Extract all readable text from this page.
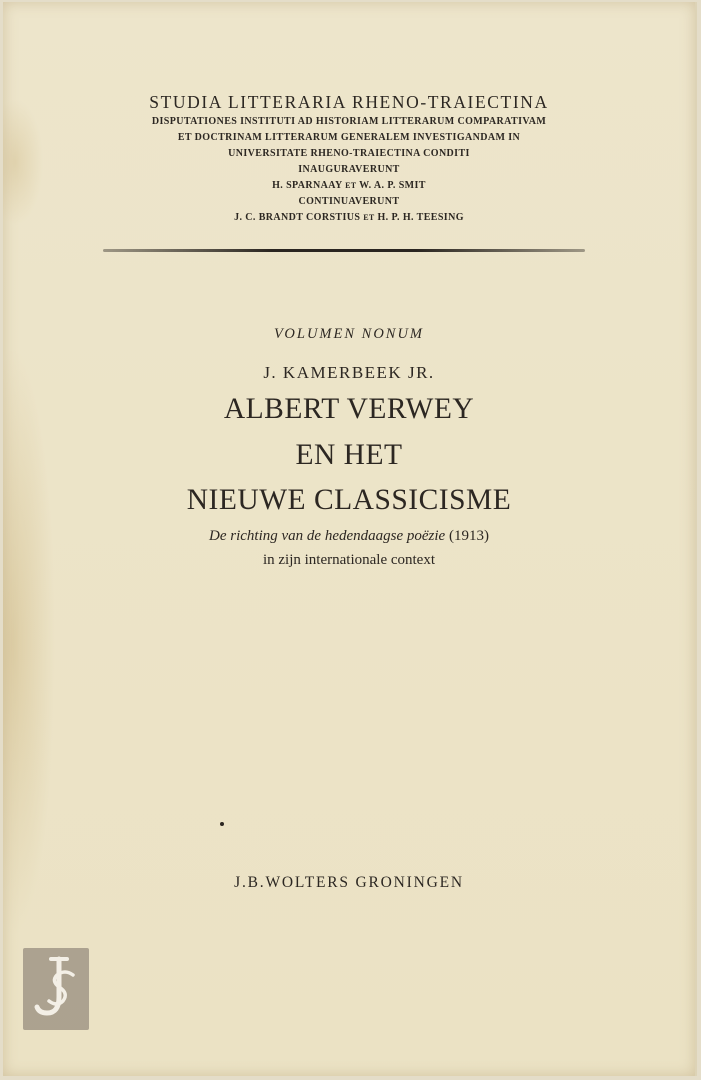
STUDIA LITTERARIA RHENO-TRAIECTINA
DISPUTATIONES INSTITUTI AD HISTORIAM LITTERARUM COMPARATIVAM
ET DOCTRINAM LITTERARUM GENERALEM INVESTIGANDAM IN
UNIVERSITATE RHENO-TRAIECTINA CONDITI
INAUGURAVERUNT
H. SPARNAAY ET W. A. P. SMIT
CONTINUAVERUNT
J. C. BRANDT CORSTIUS ET H. P. H. TEESING
VOLUMEN NONUM
J. KAMERBEEK JR.
ALBERT VERWEY
EN HET
NIEUWE CLASSICISME
De richting van de hedendaagse poëzie (1913)
in zijn internationale context
J.B.WOLTERS GRONINGEN
